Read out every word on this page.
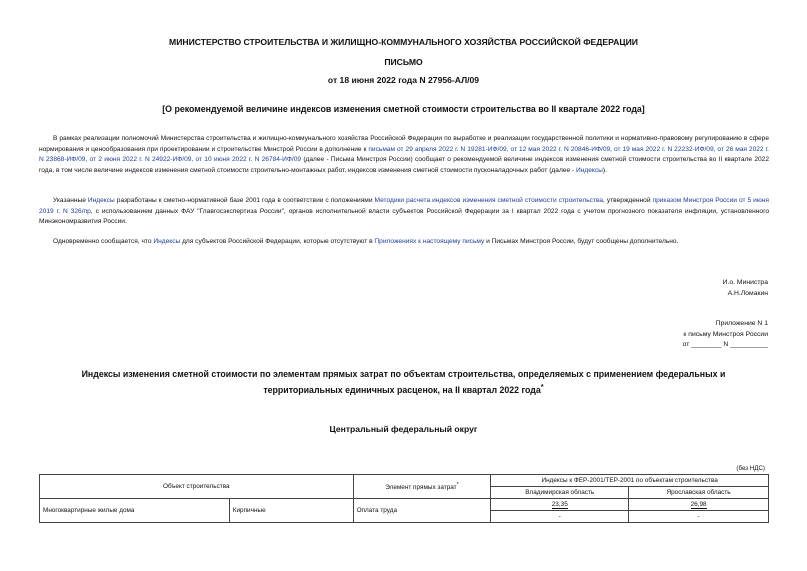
МИНИСТЕРСТВО СТРОИТЕЛЬСТВА И ЖИЛИЩНО-КОММУНАЛЬНОГО ХОЗЯЙСТВА РОССИЙСКОЙ ФЕДЕРАЦИИ
ПИСЬМО
от 18 июня 2022 года N 27956-АЛ/09
[О рекомендуемой величине индексов изменения сметной стоимости строительства во II квартале 2022 года]
В рамках реализации полномочий Министерства строительства и жилищно-коммунального хозяйства Российской Федерации по выработке и реализации государственной политики и нормативно-правовому регулированию в сфере нормирования и ценообразования при проектировании и строительстве Минстрой России в дополнение к письмам от 29 апреля 2022 г. N 19281-ИФ/09, от 12 мая 2022 г. N 20846-ИФ/09, от 19 мая 2022 г. N 22232-ИФ/09, от 26 мая 2022 г. N 23868-ИФ/09, от 2 июня 2022 г. N 24922-ИФ/09, от 10 июня 2022 г. N 26784-ИФ/09 (далее - Письма Минстроя России) сообщает о рекомендуемой величине индексов изменения сметной стоимости строительства во II квартале 2022 года, в том числе величине индексов изменения сметной стоимости строительно-монтажных работ, индексов изменения сметной стоимости пусконаладочных работ (далее - Индексы).
Указанные Индексы разработаны к сметно-нормативной базе 2001 года в соответствии с положениями Методики расчета индексов изменения сметной стоимости строительства, утвержденной приказом Минстроя России от 5 июня 2019 г. N 326/пр, с использованием данных ФАУ "Главгосэкспертиза России", органов исполнительной власти субъектов Российской Федерации за I квартал 2022 года с учетом прогнозного показателя инфляции, установленного Минэкономразвития России.
Одновременно сообщается, что Индексы для субъектов Российской Федерации, которые отсутствуют в Приложениях к настоящему письму и Письмах Минстроя России, будут сообщены дополнительно.
И.о. Министра
А.Н.Ломакин
Приложение N 1
к письму Минстроя России
от ________ N __________
Индексы изменения сметной стоимости по элементам прямых затрат по объектам строительства, определяемых с применением федеральных и территориальных единичных расценок, на II квартал 2022 года*
Центральный федеральный округ
(без НДС)
Объект строительства		Элемент прямых затрат*	Индексы к ФЕР-2001/ТЕР-2001 по объектам строительства	
			Владимирская область	Ярославская область
Многоквартирные жилые дома	Кирпичные	Оплата труда	23,35	26,98
			-	-
